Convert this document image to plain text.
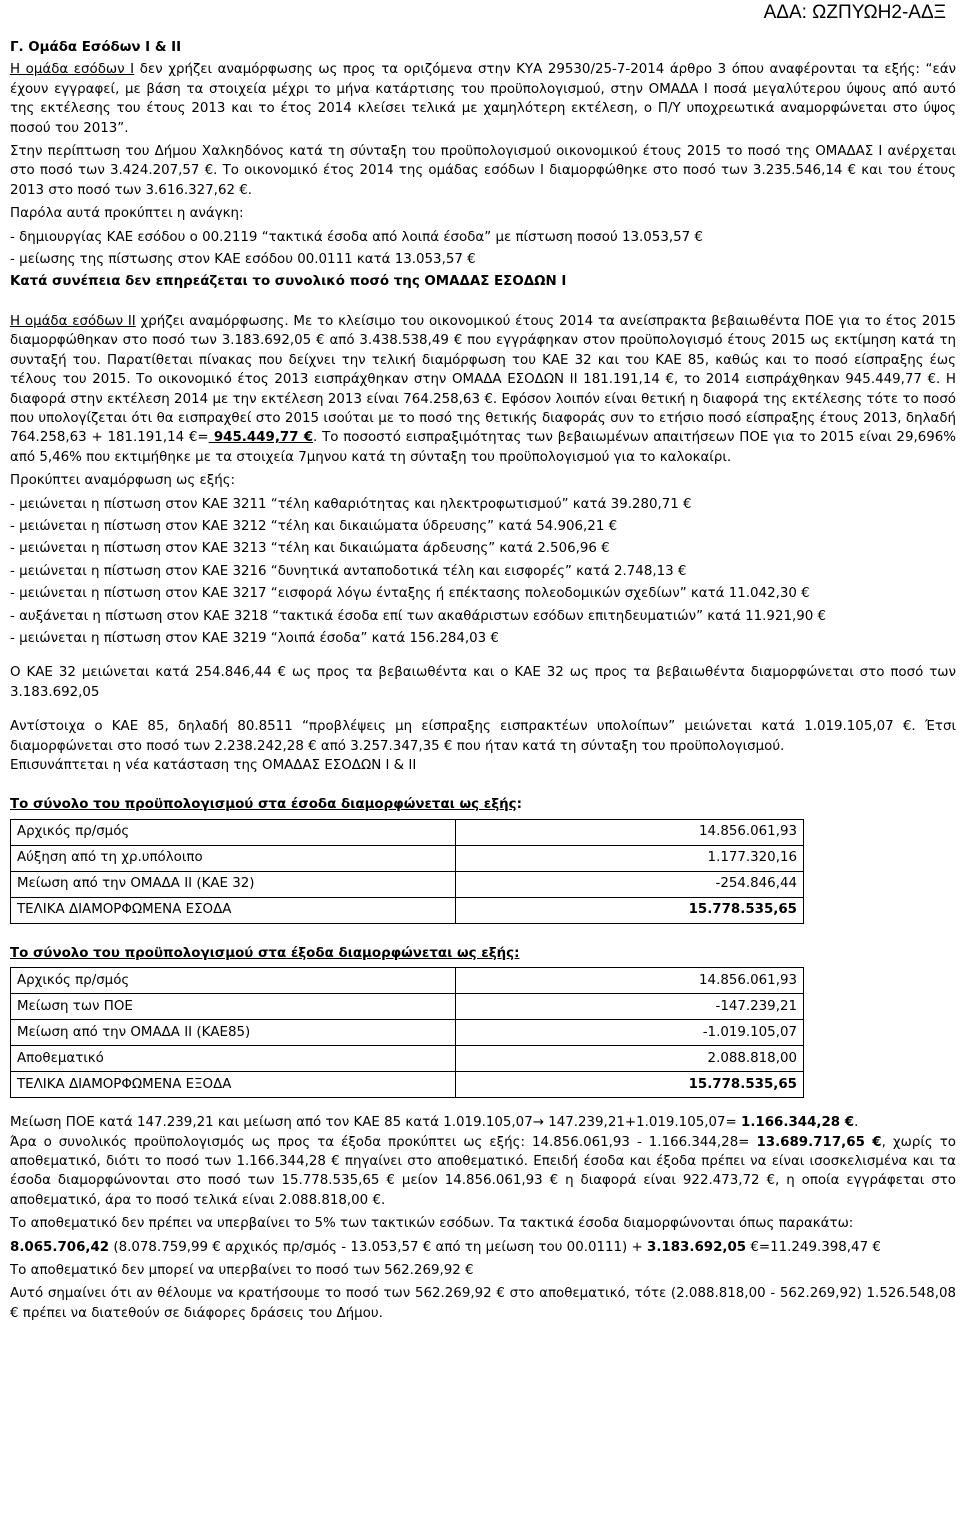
ΑΔΑ: ΩΖΠΥΩΗ2-ΑΔΞ

Γ. Ομάδα Εσόδων Ι & ΙΙ

Η ομάδα εσόδων Ι δεν χρήζει αναμόρφωσης ως προς τα οριζόμενα στην ΚΥΑ 29530/25-7-2014 άρθρο 3 όπου αναφέρονται τα εξής: “εάν έχουν εγγραφεί, με βάση τα στοιχεία μέχρι το μήνα κατάρτισης του προϋπολογισμού, στην ΟΜΑΔΑ Ι ποσά μεγαλύτερου ύψους από αυτό της εκτέλεσης του έτους 2013 και το έτος 2014 κλείσει τελικά με χαμηλότερη εκτέλεση, ο Π/Υ υποχρεωτικά αναμορφώνεται στο ύψος ποσού του 2013”.

Στην περίπτωση του Δήμου Χαλκηδόνος κατά τη σύνταξη του προϋπολογισμού οικονομικού έτους 2015 το ποσό της ΟΜΑΔΑΣ Ι ανέρχεται στο ποσό των 3.424.207,57 €. Το οικονομικό έτος 2014 της ομάδας εσόδων Ι διαμορφώθηκε στο ποσό των 3.235.546,14 € και του έτους 2013 στο ποσό των 3.616.327,62 €.

Παρόλα αυτά προκύπτει η ανάγκη:

- δημιουργίας ΚΑΕ εσόδου ο 00.2119 “τακτικά έσοδα από λοιπά έσοδα” με πίστωση ποσού 13.053,57 €

- μείωσης της πίστωσης στον ΚΑΕ εσόδου 00.0111 κατά 13.053,57 €

Κατά συνέπεια δεν επηρεάζεται το συνολικό ποσό της ΟΜΑΔΑΣ ΕΣΟΔΩΝ Ι

Η ομάδα εσόδων ΙΙ χρήζει αναμόρφωσης. Με το κλείσιμο του οικονομικού έτους 2014 τα ανείσπρακτα βεβαιωθέντα ΠΟΕ για το έτος 2015 διαμορφώθηκαν στο ποσό των 3.183.692,05 € από 3.438.538,49 € που εγγράφηκαν στον προϋπολογισμό έτους 2015 ως εκτίμηση κατά τη συνταξή του. Παρατίθεται πίνακας που δείχνει την τελική διαμόρφωση του ΚΑΕ 32 και του ΚΑΕ 85, καθώς και το ποσό είσπραξης έως τέλους του 2015. Το οικονομικό έτος 2013 εισπράχθηκαν στην ΟΜΑΔΑ ΕΣΟΔΩΝ ΙΙ 181.191,14 €, το 2014 εισπράχθηκαν 945.449,77 €. Η διαφορά στην εκτέλεση 2014 με την εκτέλεση 2013 είναι 764.258,63 €. Εφόσον λοιπόν είναι θετική η διαφορά της εκτέλεσης τότε το ποσό που υπολογίζεται ότι θα εισπραχθεί στο 2015 ισούται με το ποσό της θετικής διαφοράς συν το ετήσιο ποσό είσπραξης έτους 2013, δηλαδή 764.258,63 + 181.191,14 €= 945.449,77 €. Το ποσοστό εισπραξιμότητας των βεβαιωμένων απαιτήσεων ΠΟΕ για το 2015 είναι 29,696% από 5,46% που εκτιμήθηκε με τα στοιχεία 7μηνου κατά τη σύνταξη του προϋπολογισμού για το καλοκαίρι.

Προκύπτει αναμόρφωση ως εξής:

- μειώνεται η πίστωση στον ΚΑΕ 3211 “τέλη καθαριότητας και ηλεκτροφωτισμού” κατά 39.280,71 €

- μειώνεται η πίστωση στον ΚΑΕ 3212 “τέλη και δικαιώματα ύδρευσης” κατά 54.906,21 €

- μειώνεται η πίστωση στον ΚΑΕ 3213 “τέλη και δικαιώματα άρδευσης” κατά 2.506,96 €

- μειώνεται η πίστωση στον ΚΑΕ 3216 “δυνητικά ανταποδοτικά τέλη και εισφορές” κατά 2.748,13 €

- μειώνεται η πίστωση στον ΚΑΕ 3217 “εισφορά λόγω ένταξης ή επέκτασης πολεοδομικών σχεδίων” κατά 11.042,30 €

- αυξάνεται η πίστωση στον ΚΑΕ 3218 “τακτικά έσοδα επί των ακαθάριστων εσόδων επιτηδευματιών” κατά 11.921,90 €

- μειώνεται η πίστωση στον ΚΑΕ 3219 “λοιπά έσοδα” κατά 156.284,03 €

Ο ΚΑΕ 32 μειώνεται κατά 254.846,44 € ως προς τα βεβαιωθέντα και ο ΚΑΕ 32 ως προς τα βεβαιωθέντα διαμορφώνεται στο ποσό των 3.183.692,05

Αντίστοιχα ο ΚΑΕ 85, δηλαδή 80.8511 “προβλέψεις μη είσπραξης εισπρακτέων υπολοίπων” μειώνεται κατά 1.019.105,07 €. Έτσι διαμορφώνεται στο ποσό των 2.238.242,28 € από 3.257.347,35 € που ήταν κατά τη σύνταξη του προϋπολογισμού.

Επισυνάπτεται η νέα κατάσταση της ΟΜΑΔΑΣ ΕΣΟΔΩΝ Ι & ΙΙ

Το σύνολο του προϋπολογισμού στα έσοδα διαμορφώνεται ως εξής:

Αρχικός πρ/σμός	14.856.061,93
Αύξηση από τη χρ.υπόλοιπο	1.177.320,16
Μείωση από την ΟΜΑΔΑ ΙΙ (ΚΑΕ 32)	-254.846,44
ΤΕΛΙΚΑ ΔΙΑΜΟΡΦΩΜΕΝΑ ΕΣΟΔΑ	15.778.535,65

Το σύνολο του προϋπολογισμού στα έξοδα διαμορφώνεται ως εξής:

Αρχικός πρ/σμός	14.856.061,93
Μείωση των ΠΟΕ	-147.239,21
Μείωση από την ΟΜΑΔΑ ΙΙ (ΚΑΕ85)	-1.019.105,07
Αποθεματικό	2.088.818,00
ΤΕΛΙΚΑ ΔΙΑΜΟΡΦΩΜΕΝΑ ΕΞΟΔΑ	15.778.535,65

Μείωση ΠΟΕ κατά 147.239,21 και μείωση από τον ΚΑΕ 85 κατά 1.019.105,07→ 147.239,21+1.019.105,07= 1.166.344,28 €.

Άρα ο συνολικός προϋπολογισμός ως προς τα έξοδα προκύπτει ως εξής: 14.856.061,93 - 1.166.344,28= 13.689.717,65 €, χωρίς το αποθεματικό, διότι το ποσό των 1.166.344,28 € πηγαίνει στο αποθεματικό. Επειδή έσοδα και έξοδα πρέπει να είναι ισοσκελισμένα και τα έσοδα διαμορφώνονται στο ποσό των 15.778.535,65 € μείον 14.856.061,93 € η διαφορά είναι 922.473,72 €, η οποία εγγράφεται στο αποθεματικό, άρα το ποσό τελικά είναι 2.088.818,00 €.

Το αποθεματικό δεν πρέπει να υπερβαίνει το 5% των τακτικών εσόδων. Τα τακτικά έσοδα διαμορφώνονται όπως παρακάτω:

8.065.706,42 (8.078.759,99 € αρχικός πρ/σμός - 13.053,57 € από τη μείωση του 00.0111) + 3.183.692,05 €=11.249.398,47 €

Το αποθεματικό δεν μπορεί να υπερβαίνει το ποσό των 562.269,92 €

Αυτό σημαίνει ότι αν θέλουμε να κρατήσουμε το ποσό των 562.269,92 € στο αποθεματικό, τότε (2.088.818,00 - 562.269,92) 1.526.548,08 € πρέπει να διατεθούν σε διάφορες δράσεις του Δήμου.
